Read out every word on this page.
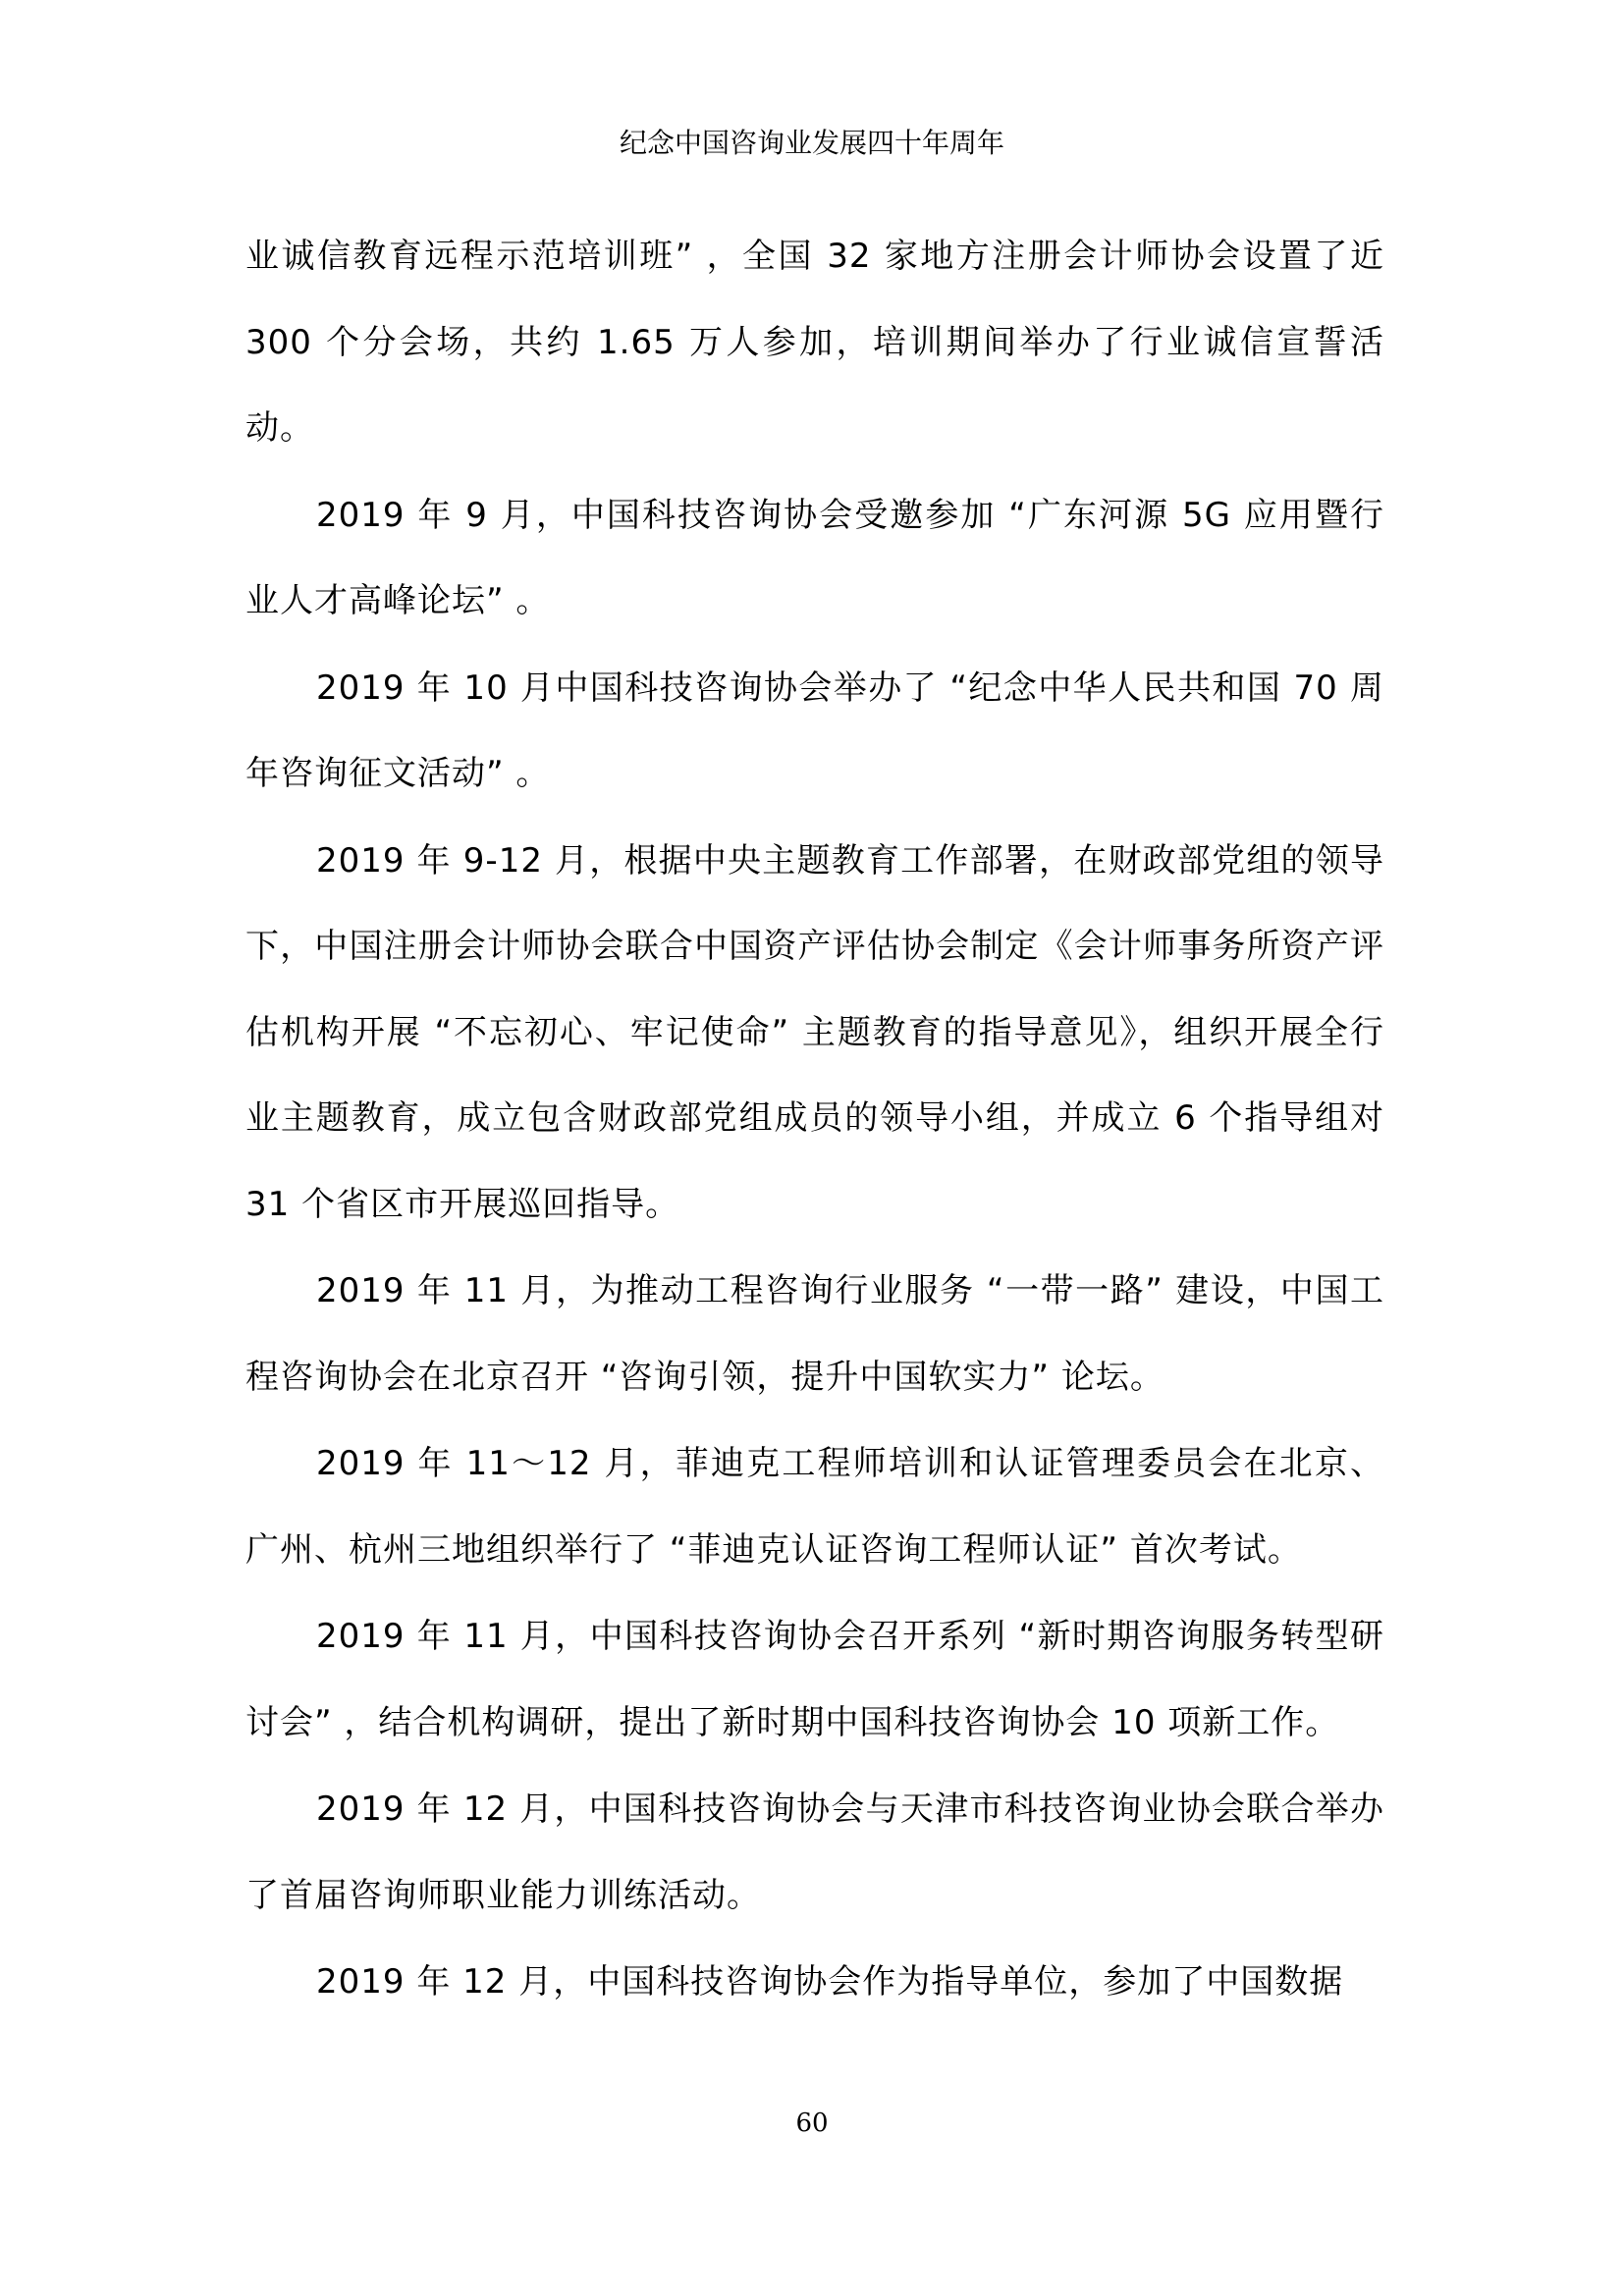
纪念中国咨询业发展四十年周年

业诚信教育远程示范培训班” ，全国 32 家地方注册会计师协会设置了近 300 个分会场，共约 1.65 万人参加，培训期间举办了行业诚信宣誓活动。

2019 年 9 月，中国科技咨询协会受邀参加 “广东河源 5G 应用暨行业人才高峰论坛” 。

2019 年 10 月中国科技咨询协会举办了 “纪念中华人民共和国 70 周年咨询征文活动” 。

2019 年 9-12 月，根据中央主题教育工作部署，在财政部党组的领导下，中国注册会计师协会联合中国资产评估协会制定《会计师事务所资产评估机构开展 “不忘初心、牢记使命” 主题教育的指导意见》，组织开展全行业主题教育，成立包含财政部党组成员的领导小组，并成立 6 个指导组对 31 个省区市开展巡回指导。

2019 年 11 月，为推动工程咨询行业服务 “一带一路” 建设，中国工程咨询协会在北京召开 “咨询引领，提升中国软实力” 论坛。

2019 年 11～12 月，菲迪克工程师培训和认证管理委员会在北京、广州、杭州三地组织举行了 “菲迪克认证咨询工程师认证” 首次考试。

2019 年 11 月，中国科技咨询协会召开系列 “新时期咨询服务转型研讨会” ，结合机构调研，提出了新时期中国科技咨询协会 10 项新工作。

2019 年 12 月，中国科技咨询协会与天津市科技咨询业协会联合举办了首届咨询师职业能力训练活动。

2019 年 12 月，中国科技咨询协会作为指导单位，参加了中国数据

60
